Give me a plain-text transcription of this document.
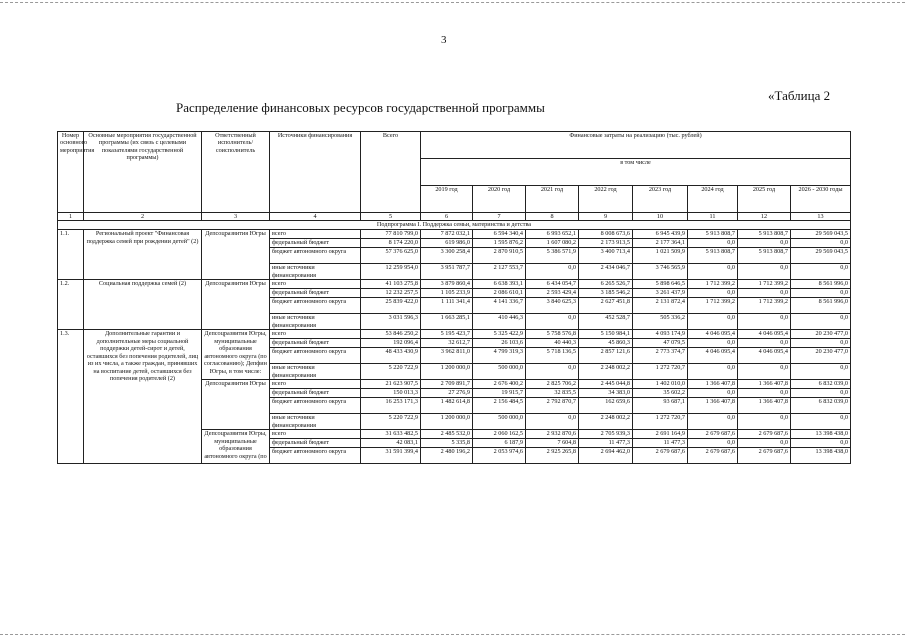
3
«Таблица 2
Распределение финансовых ресурсов государственной программы
Номер основного мероприятия	Основные мероприятия государственной программы (их связь с целевыми показателями государственной программы)	Ответственный исполнитель/ соисполнитель	Источники финансирования	Всего	Финансовые затраты на реализацию (тыс. рублей)							
					в том числе							
					2019 год	2020 год	2021 год	2022 год	2023 год	2024 год	2025 год	2026 - 2030 годы
1	2	3	4	5	6	7	8	9	10	11	12	13
Подпрограмма I. Поддержка семьи, материнства и детства												
1.1.	Региональный проект "Финансовая поддержка семей при рождении детей" (2)	Депсоцразвития Югры	всего	77 810 799,0	7 872 032,1	6 594 340,4	6 993 652,1	8 008 673,6	6 945 439,9	5 913 808,7	5 913 808,7	29 569 043,5
			федеральный бюджет	8 174 220,0	619 986,0	1 595 876,2	1 607 080,2	2 173 913,5	2 177 364,1	0,0	0,0	0,0
			бюджет автономного округа	57 376 625,0	3 300 258,4	2 870 910,5	5 386 571,9	3 400 713,4	1 021 509,9	5 913 808,7	5 913 808,7	29 569 043,5
			иные источники финансирования	12 259 954,0	3 951 787,7	2 127 553,7	0,0	2 434 046,7	3 746 565,9	0,0	0,0	0,0
1.2.	Социальная поддержка семей (2)	Депсоцразвития Югры	всего	41 103 275,8	3 879 860,4	6 638 393,1	6 434 054,7	6 265 526,7	5 898 646,5	1 712 399,2	1 712 399,2	8 561 996,0
			федеральный бюджет	12 232 257,5	1 105 233,9	2 086 610,1	2 593 429,4	3 185 546,2	3 261 437,9	0,0	0,0	0,0
			бюджет автономного округа	25 839 422,0	1 111 341,4	4 141 336,7	3 840 625,3	2 627 451,8	2 131 872,4	1 712 399,2	1 712 399,2	8 561 996,0
			иные источники финансирования	3 031 596,3	1 663 285,1	410 446,3	0,0	452 528,7	505 336,2	0,0	0,0	0,0
1.3.	Дополнительные гарантии и дополнительные меры социальной поддержки детей-сирот и детей, оставшихся без попечения родителей, лиц из их числа, а также граждан, принявших на воспитание детей, оставшихся без попечения родителей (2)	Депсоцразвития Югры, муниципальные образования автономного округа (по согласованию); Депфин Югры, в том числе:	всего	53 846 250,2	5 195 423,7	5 325 422,9	5 758 576,8	5 150 984,1	4 093 174,9	4 046 095,4	4 046 095,4	20 230 477,0
			федеральный бюджет	192 096,4	32 612,7	26 103,6	40 440,3	45 860,3	47 079,5	0,0	0,0	0,0
			бюджет автономного округа	48 433 430,9	3 962 811,0	4 799 319,3	5 718 136,5	2 857 121,6	2 773 374,7	4 046 095,4	4 046 095,4	20 230 477,0
			иные источники финансирования	5 220 722,9	1 200 000,0	500 000,0	0,0	2 248 002,2	1 272 720,7	0,0	0,0	0,0
		Депсоцразвития Югры	всего	21 623 907,5	2 709 891,7	2 676 400,2	2 825 706,2	2 445 044,8	1 402 010,0	1 366 407,8	1 366 407,8	6 832 039,0
			федеральный бюджет	150 013,3	27 276,9	19 915,7	32 835,5	34 383,0	35 602,2	0,0	0,0	0,0
			бюджет автономного округа	16 253 171,3	1 482 614,8	2 156 484,5	2 792 870,7	162 659,6	93 687,1	1 366 407,8	1 366 407,8	6 832 039,0
			иные источники финансирования	5 220 722,9	1 200 000,0	500 000,0	0,0	2 248 002,2	1 272 720,7	0,0	0,0	0,0
		Депсоцразвития Югры, муниципальные образования автономного округа (по	всего	31 633 482,5	2 485 532,0	2 060 162,5	2 932 870,6	2 705 939,3	2 691 164,9	2 679 687,6	2 679 687,6	13 398 438,0
			федеральный бюджет	42 083,1	5 335,8	6 187,9	7 604,8	11 477,3	11 477,3	0,0	0,0	0,0
			бюджет автономного округа	31 591 399,4	2 480 196,2	2 053 974,6	2 925 265,8	2 694 462,0	2 679 687,6	2 679 687,6	2 679 687,6	13 398 438,0
